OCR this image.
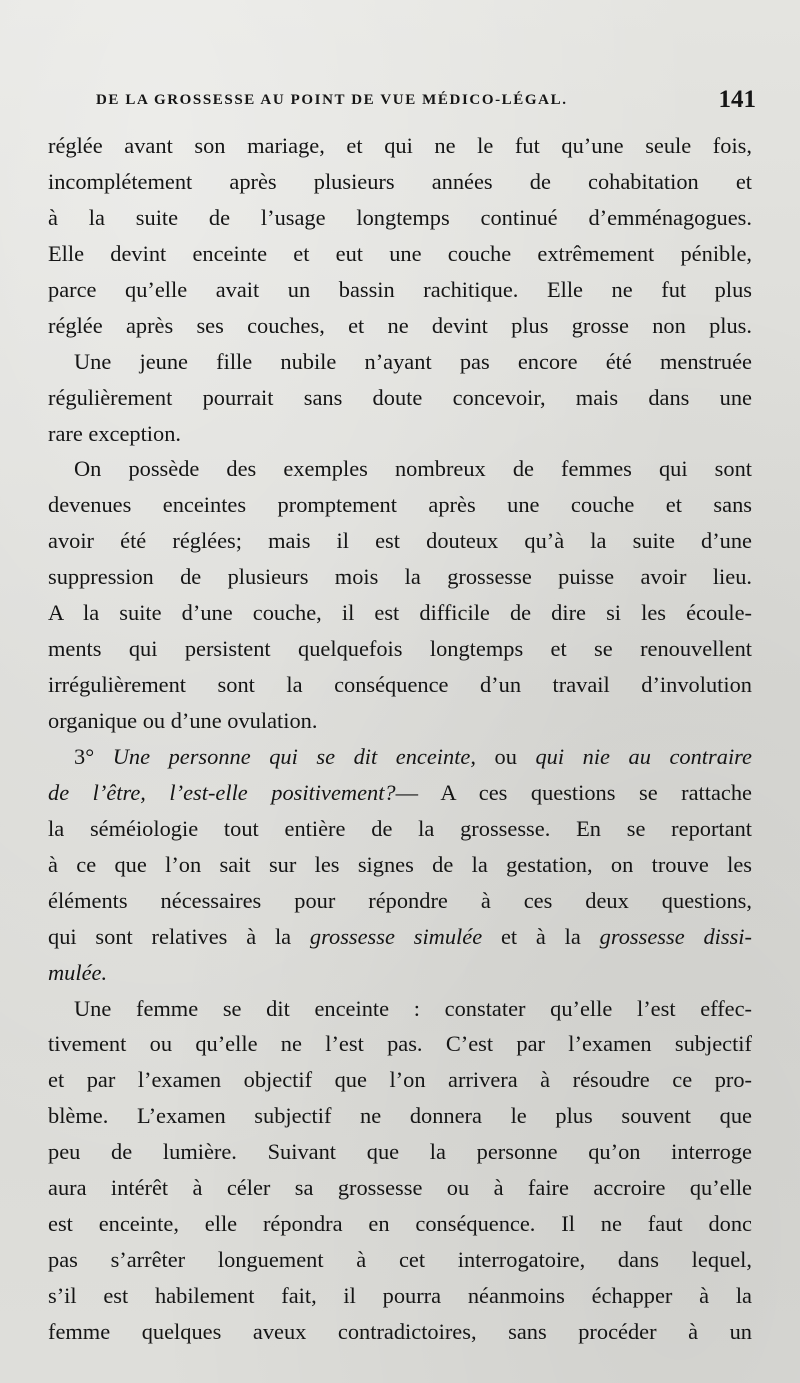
DE LA GROSSESSE AU POINT DE VUE MÉDICO-LÉGAL.	141
réglée avant son mariage, et qui ne le fut qu’une seule fois,
incomplétement après plusieurs années de cohabitation et
à la suite de l’usage longtemps continué d’emménagogues.
Elle devint enceinte et eut une couche extrêmement pénible,
parce qu’elle avait un bassin rachitique. Elle ne fut plus
réglée après ses couches, et ne devint plus grosse non plus.
Une jeune fille nubile n’ayant pas encore été menstruée
régulièrement pourrait sans doute concevoir, mais dans une
rare exception.
On possède des exemples nombreux de femmes qui sont
devenues enceintes promptement après une couche et sans
avoir été réglées; mais il est douteux qu’à la suite d’une
suppression de plusieurs mois la grossesse puisse avoir lieu.
A la suite d’une couche, il est difficile de dire si les écoule-
ments qui persistent quelquefois longtemps et se renouvellent
irrégulièrement sont la conséquence d’un travail d’involution
organique ou d’une ovulation.
3° Une personne qui se dit enceinte, ou qui nie au contraire
de l’être, l’est-elle positivement?— A ces questions se rattache
la séméiologie tout entière de la grossesse. En se reportant
à ce que l’on sait sur les signes de la gestation, on trouve les
éléments nécessaires pour répondre à ces deux questions,
qui sont relatives à la grossesse simulée et à la grossesse dissi-
mulée.
Une femme se dit enceinte : constater qu’elle l’est effec-
tivement ou qu’elle ne l’est pas. C’est par l’examen subjectif
et par l’examen objectif que l’on arrivera à résoudre ce pro-
blème. L’examen subjectif ne donnera le plus souvent que
peu de lumière. Suivant que la personne qu’on interroge
aura intérêt à céler sa grossesse ou à faire accroire qu’elle
est enceinte, elle répondra en conséquence. Il ne faut donc
pas s’arrêter longuement à cet interrogatoire, dans lequel,
s’il est habilement fait, il pourra néanmoins échapper à la
femme quelques aveux contradictoires, sans procéder à un
